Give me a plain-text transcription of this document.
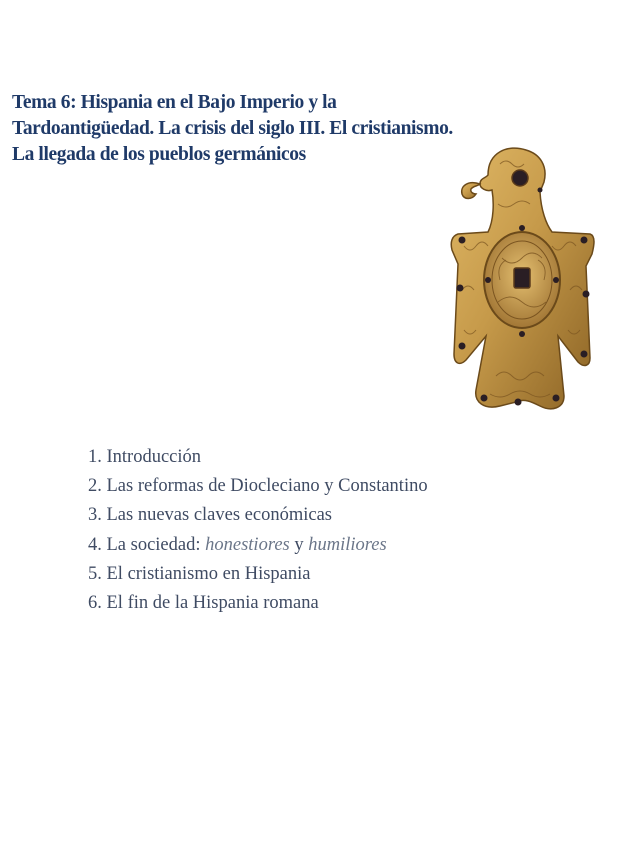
Tema 6: Hispania en el Bajo Imperio y la
Tardoantigüedad. La crisis del siglo III. El cristianismo.
La llegada de los pueblos germánicos
1. Introducción
2. Las reformas de Diocleciano y Constantino
3. Las nuevas claves económicas
4. La sociedad: honestiores y humiliores
5. El cristianismo en Hispania
6. El fin de la Hispania romana
